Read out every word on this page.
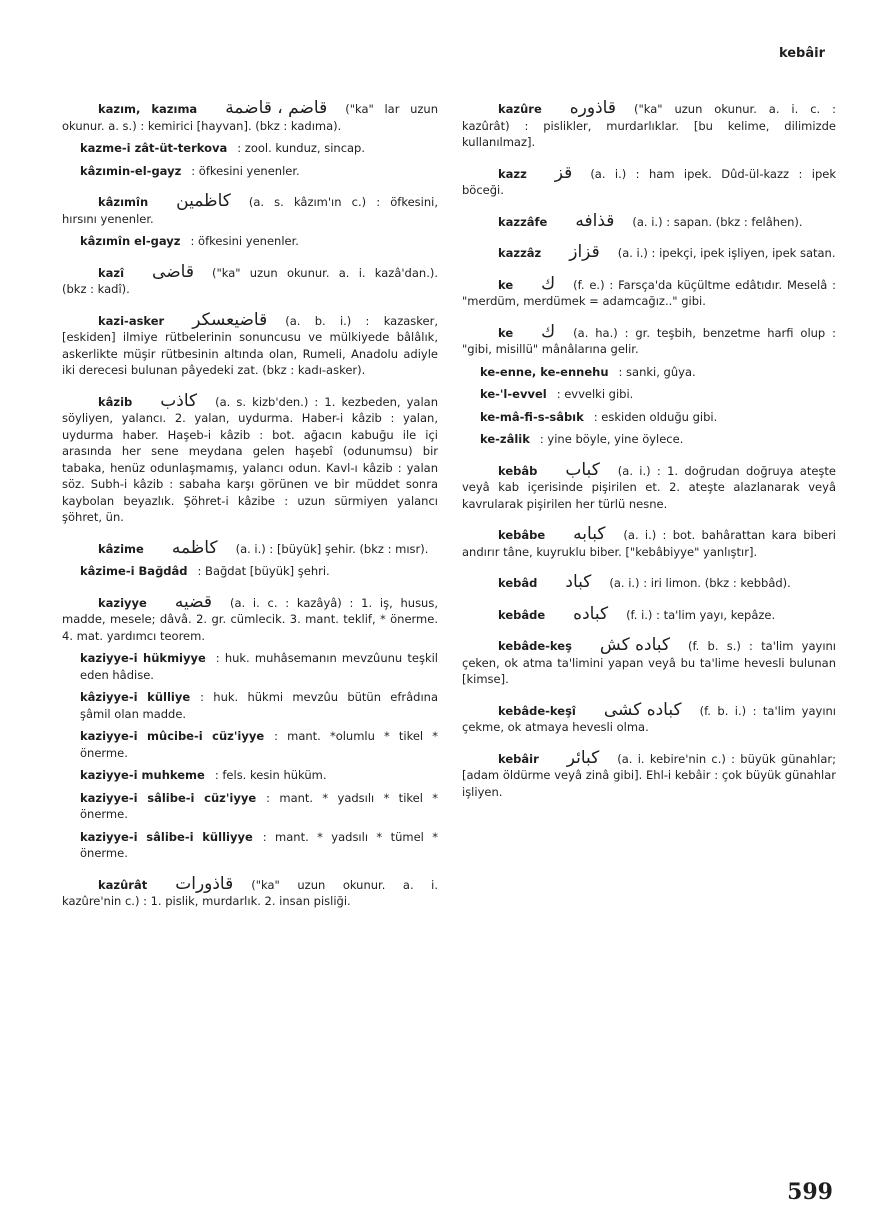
kebâir
kazım, kazıma قاضم ، قاضمة ("ka" lar uzun okunur. a. s.) : kemirici [hayvan]. (bkz : kadıma).
kazme-i zât-üt-terkova : zool. kunduz, sincap.
kâzımin-el-gayz : öfkesini yenenler.
kâzımîn كاظمين (a. s. kâzım'ın c.) : öfkesini, hırsını yenenler.
kâzımîn el-gayz : öfkesini yenenler.
kazî قاضى ("ka" uzun okunur. a. i. kazâ'dan.). (bkz : kadî).
kazi-asker قاضيعسكر (a. b. i.) : kazasker, [eskiden] ilmiye rütbelerinin sonuncusu ve mülkiyede bâlâlık, askerlikte müşir rütbesinin altında olan, Rumeli, Anadolu adiyle iki derecesi bulunan pâyedeki zat. (bkz : kadı-asker).
kâzib كاذب (a. s. kizb'den.) : 1. kezbeden, yalan söyliyen, yalancı. 2. yalan, uydurma. Haber-i kâzib : yalan, uydurma haber. Haşeb-i kâzib : bot. ağacın kabuğu ile içi arasında her sene meydana gelen haşebî (odunumsu) bir tabaka, henüz odunlaşmamış, yalancı odun. Kavl-ı kâzib : yalan söz. Subh-i kâzib : sabaha karşı görünen ve bir müddet sonra kaybolan beyazlık. Şöhret-i kâzibe : uzun sürmiyen yalancı şöhret, ün.
kâzime كاظمه (a. i.) : [büyük] şehir. (bkz : mısr).
kâzime-i Bağdâd : Bağdat [büyük] şehri.
kaziyye قضيه (a. i. c. : kazâyâ) : 1. iş, husus, madde, mesele; dâvâ. 2. gr. cümlecik. 3. mant. teklif, * önerme. 4. mat. yardımcı teorem.
kaziyye-i hükmiyye : huk. muhâsemanın mevzûunu teşkil eden hâdise.
kâziyye-i külliye : huk. hükmi mevzûu bütün efrâdına şâmil olan madde.
kaziyye-i mûcibe-i cüz'iyye : mant. *olumlu * tikel * önerme.
kaziyye-i muhkeme : fels. kesin hüküm.
kaziyye-i sâlibe-i cüz'iyye : mant. * yadsılı * tikel * önerme.
kaziyye-i sâlibe-i külliyye : mant. * yadsılı * tümel * önerme.
kazûrât قاذورات ("ka" uzun okunur. a. i. kazûre'nin c.) : 1. pislik, murdarlık. 2. insan pisliği.
kazûre قاذوره ("ka" uzun okunur. a. i. c. : kazûrât) : pislikler, murdarlıklar. [bu kelime, dilimizde kullanılmaz].
kazz قز (a. i.) : ham ipek. Dûd-ül-kazz : ipek böceği.
kazzâfe قذافه (a. i.) : sapan. (bkz : felâhen).
kazzâz قزاز (a. i.) : ipekçi, ipek işliyen, ipek satan.
ke ك (f. e.) : Farsça'da küçültme edâtıdır. Meselâ : "merdüm, merdümek = adamcağız.." gibi.
ke ك (a. ha.) : gr. teşbih, benzetme harfi olup : "gibi, misillü" mânâlarına gelir.
ke-enne, ke-ennehu : sanki, gûya.
ke-'l-evvel : evvelki gibi.
ke-mâ-fi-s-sâbık : eskiden olduğu gibi.
ke-zâlik : yine böyle, yine öylece.
kebâb كباب (a. i.) : 1. doğrudan doğruya ateşte veyâ kab içerisinde pişirilen et. 2. ateşte alazlanarak veyâ kavrularak pişirilen her türlü nesne.
kebâbe كبابه (a. i.) : bot. bahârattan kara biberi andırır tâne, kuyruklu biber. ["kebâbiyye" yanlıştır].
kebâd كباد (a. i.) : iri limon. (bkz : kebbâd).
kebâde كباده (f. i.) : ta'lim yayı, kepâze.
kebâde-keş كباده كش (f. b. s.) : ta'lim yayını çeken, ok atma ta'limini yapan veyâ bu ta'lime hevesli bulunan [kimse].
kebâde-keşî كباده كشى (f. b. i.) : ta'lim yayını çekme, ok atmaya hevesli olma.
kebâir كبائر (a. i. kebire'nin c.) : büyük günahlar; [adam öldürme veyâ zinâ gibi]. Ehl-i kebâir : çok büyük günahlar işliyen.
599
